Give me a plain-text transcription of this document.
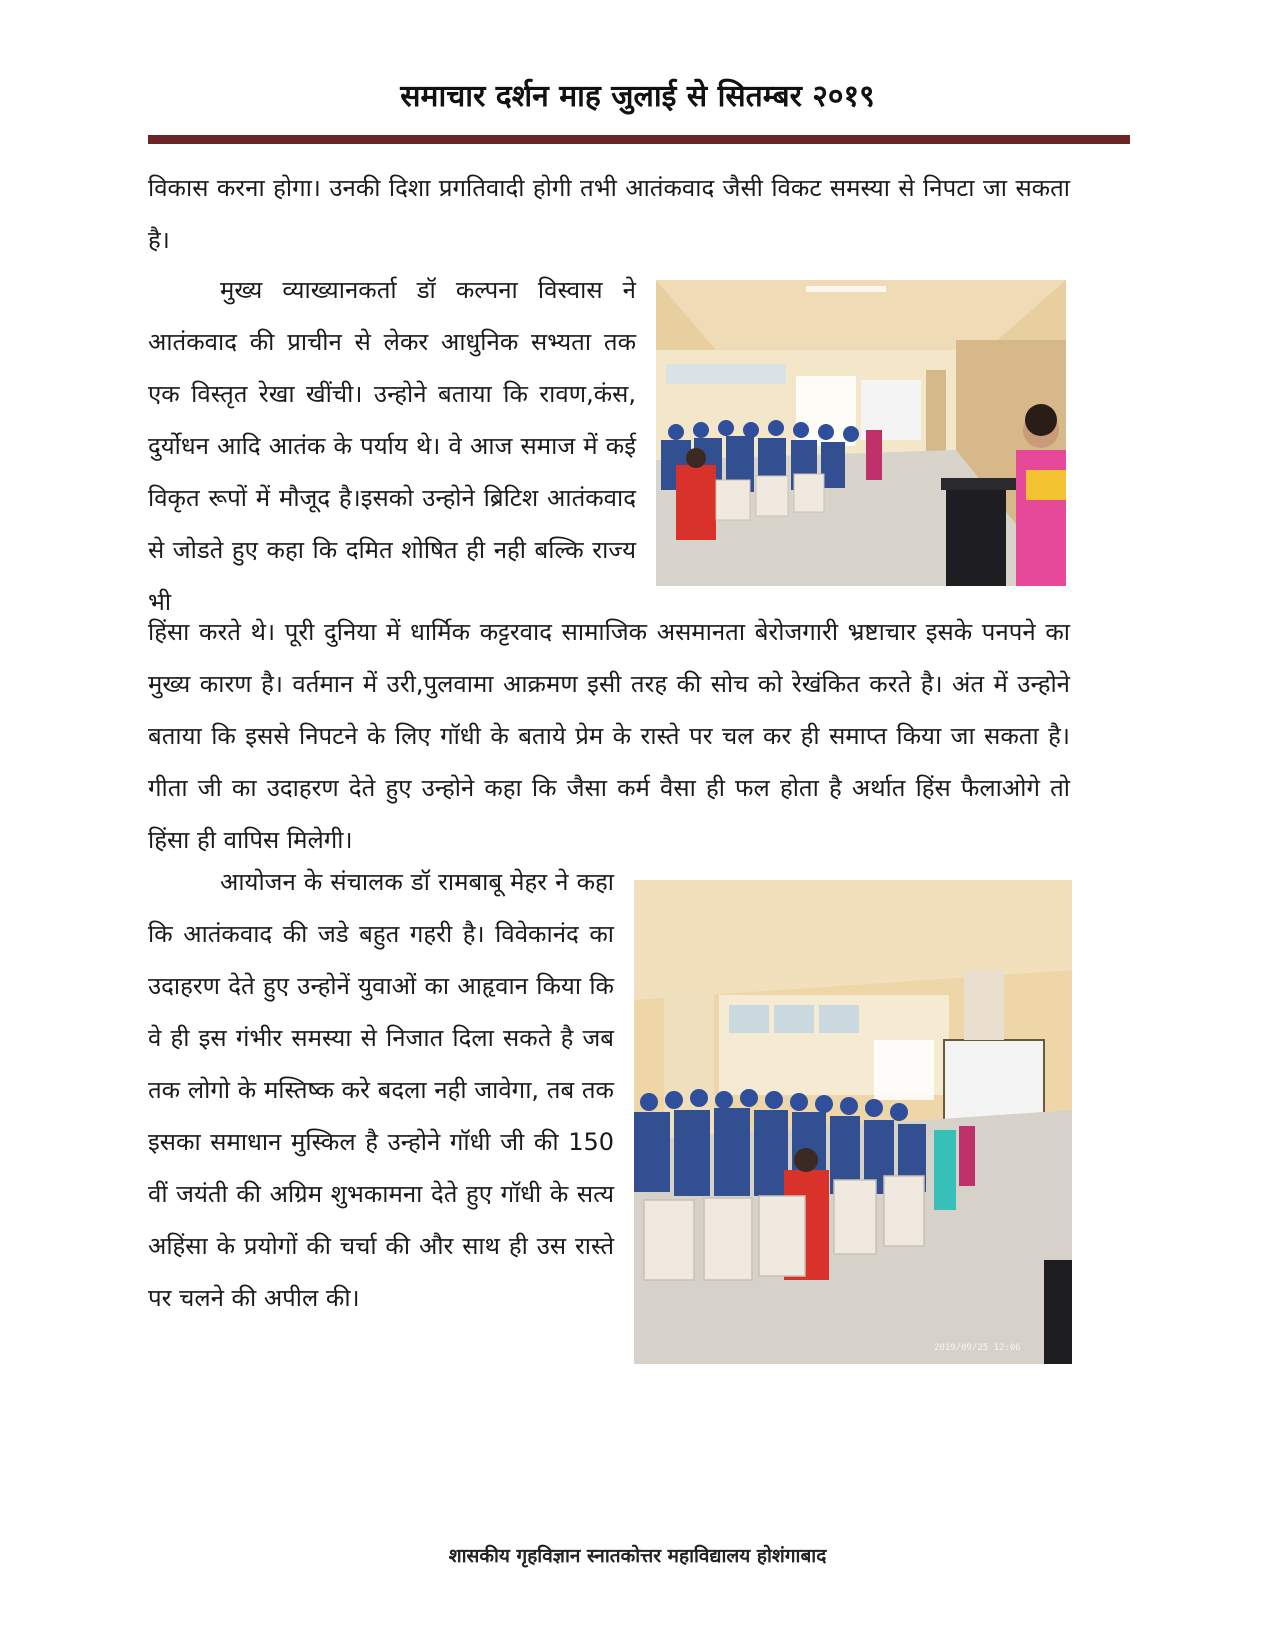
समाचार दर्शन माह जुलाई से सितम्बर २०१९

विकास करना होगा। उनकी दिशा प्रगतिवादी होगी तभी आतंकवाद जैसी विकट समस्या से निपटा जा सकता है।

मुख्य व्याख्यानकर्ता डॉ कल्पना विस्वास ने आतंकवाद की प्राचीन से लेकर आधुनिक सभ्यता तक एक विस्तृत रेखा खींची। उन्होने बताया कि रावण,कंस, दुर्योधन आदि आतंक के पर्याय थे। वे आज समाज में कई विकृत रूपों में मौजूद है।इसको उन्होने ब्रिटिश आतंकवाद से जोडते हुए कहा कि दमित शोषित ही नही बल्कि राज्य भी

हिंसा करते थे। पूरी दुनिया में धार्मिक कट्टरवाद सामाजिक असमानता बेरोजगारी भ्रष्टाचार इसके पनपने का मुख्य कारण है। वर्तमान में उरी,पुलवामा आक्रमण इसी तरह की सोच को रेखंकित करते है। अंत में उन्होने बताया कि इससे निपटने के लिए गॉधी के बताये प्रेम के रास्ते पर चल कर ही समाप्त किया जा सकता है। गीता जी का उदाहरण देते हुए उन्होने कहा कि जैसा कर्म वैसा ही फल होता है अर्थात हिंस फैलाओगे तो हिंसा ही वापिस मिलेगी।

आयोजन के संचालक डॉ रामबाबू मेहर ने कहा कि आतंकवाद की जडे बहुत गहरी है। विवेकानंद का उदाहरण देते हुए उन्होनें युवाओं का आहृवान किया कि वे ही इस गंभीर समस्या से निजात दिला सकते है जब तक लोगो के मस्तिष्क करे बदला नही जावेगा, तब तक इसका समाधान मुस्किल है उन्होने गॉधी जी की 150 वीं जयंती की अग्रिम शुभकामना देते हुए गॉधी के सत्य अहिंसा के प्रयोगों की चर्चा की और साथ ही उस रास्ते पर चलने की अपील की।

2019/09/25 12:06
शासकीय गृहविज्ञान स्नातकोत्तर महाविद्यालय होशंगाबाद
